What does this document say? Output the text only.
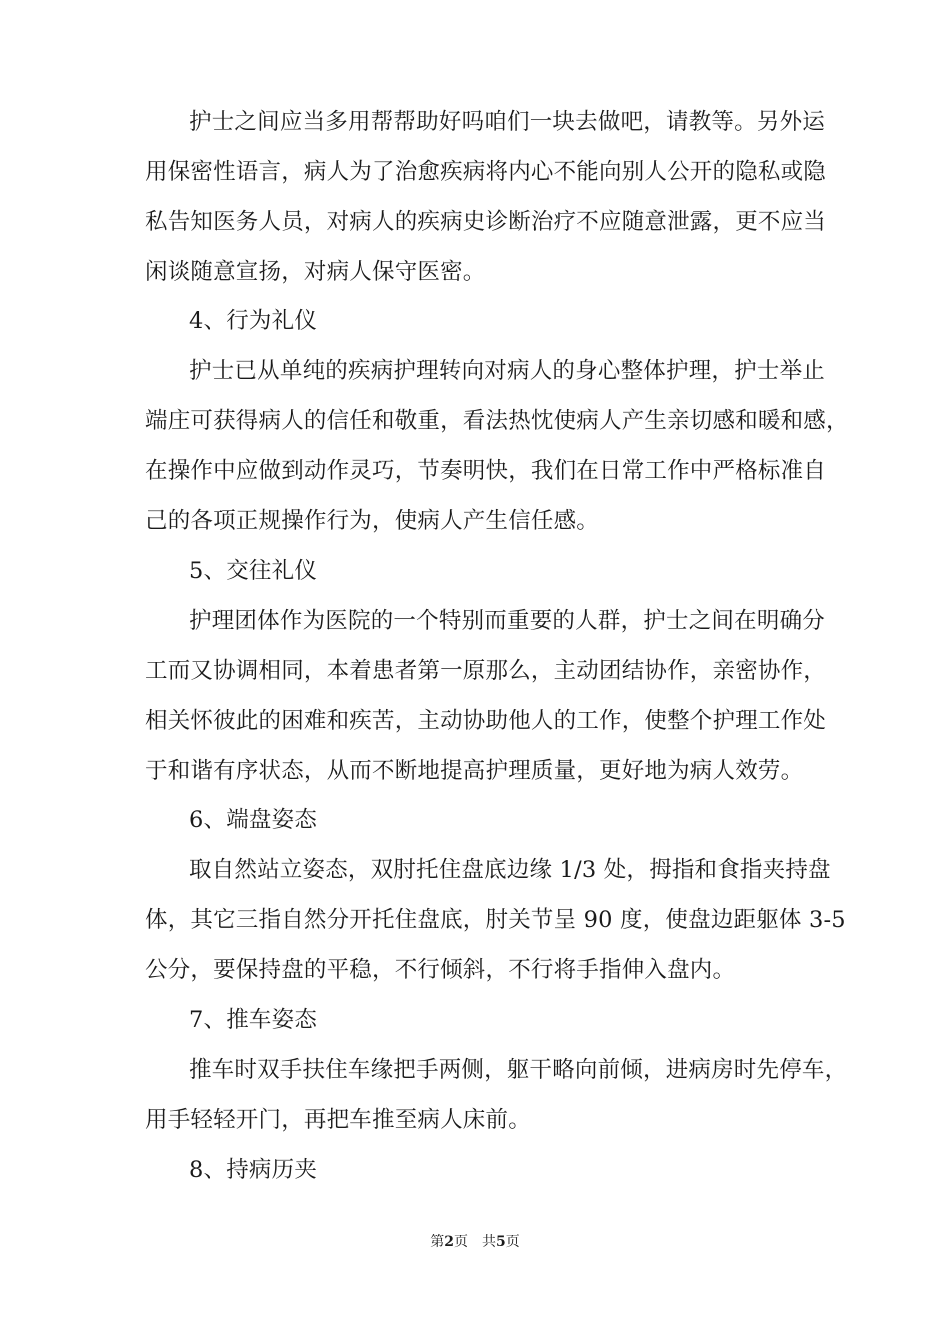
护士之间应当多用帮帮助好吗咱们一块去做吧，请教等。另外运
用保密性语言，病人为了治愈疾病将内心不能向别人公开的隐私或隐
私告知医务人员，对病人的疾病史诊断治疗不应随意泄露，更不应当
闲谈随意宣扬，对病人保守医密。
4、行为礼仪
护士已从单纯的疾病护理转向对病人的身心整体护理，护士举止
端庄可获得病人的信任和敬重，看法热忱使病人产生亲切感和暖和感，
在操作中应做到动作灵巧，节奏明快，我们在日常工作中严格标准自
己的各项正规操作行为，使病人产生信任感。
5、交往礼仪
护理团体作为医院的一个特别而重要的人群，护士之间在明确分
工而又协调相同，本着患者第一原那么，主动团结协作，亲密协作，
相关怀彼此的困难和疾苦，主动协助他人的工作，使整个护理工作处
于和谐有序状态，从而不断地提高护理质量，更好地为病人效劳。
6、端盘姿态
取自然站立姿态，双肘托住盘底边缘 1/3 处，拇指和食指夹持盘
体，其它三指自然分开托住盘底，肘关节呈 90 度，使盘边距躯体 3-5
公分，要保持盘的平稳，不行倾斜，不行将手指伸入盘内。
7、推车姿态
推车时双手扶住车缘把手两侧，躯干略向前倾，进病房时先停车，
用手轻轻开门，再把车推至病人床前。
8、持病历夹
第2页　共5页
